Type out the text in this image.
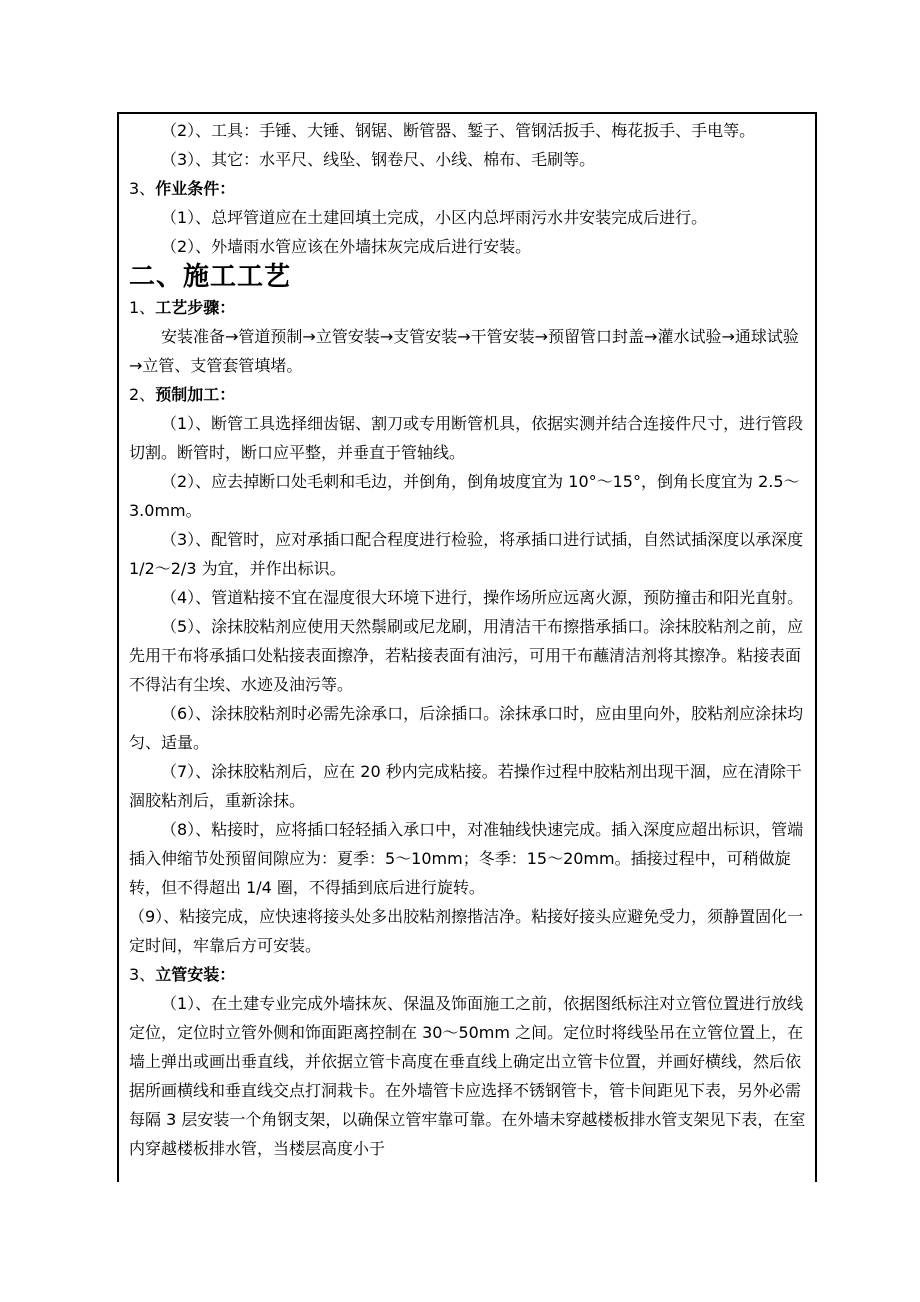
（2）、工具：手锤、大锤、钢锯、断管器、錾子、管钢活扳手、梅花扳手、手电等。

（3）、其它：水平尺、线坠、钢卷尺、小线、棉布、毛刷等。

3、作业条件：

（1）、总坪管道应在土建回填土完成，小区内总坪雨污水井安装完成后进行。

（2）、外墙雨水管应该在外墙抹灰完成后进行安装。

二、施工工艺

1、工艺步骤：

安装准备→管道预制→立管安装→支管安装→干管安装→预留管口封盖→灌水试验→通球试验→立管、支管套管填堵。

2、预制加工：

（1）、断管工具选择细齿锯、割刀或专用断管机具，依据实测并结合连接件尺寸，进行管段切割。断管时，断口应平整，并垂直于管轴线。

（2）、应去掉断口处毛刺和毛边，并倒角，倒角坡度宜为 10°～15°，倒角长度宜为 2.5～3.0mm。

（3）、配管时，应对承插口配合程度进行检验，将承插口进行试插，自然试插深度以承深度 1/2～2/3 为宜，并作出标识。

（4）、管道粘接不宜在湿度很大环境下进行，操作场所应远离火源，预防撞击和阳光直射。

（5）、涂抹胶粘剂应使用天然鬃刷或尼龙刷，用清洁干布擦揩承插口。涂抹胶粘剂之前，应先用干布将承插口处粘接表面擦净，若粘接表面有油污，可用干布蘸清洁剂将其擦净。粘接表面不得沾有尘埃、水迹及油污等。

（6）、涂抹胶粘剂时必需先涂承口，后涂插口。涂抹承口时，应由里向外，胶粘剂应涂抹均匀、适量。

（7）、涂抹胶粘剂后，应在 20 秒内完成粘接。若操作过程中胶粘剂出现干涸，应在清除干涸胶粘剂后，重新涂抹。

（8）、粘接时，应将插口轻轻插入承口中，对准轴线快速完成。插入深度应超出标识，管端插入伸缩节处预留间隙应为：夏季：5～10mm；冬季：15～20mm。插接过程中，可稍做旋转，但不得超出 1/4 圈，不得插到底后进行旋转。

（9）、粘接完成，应快速将接头处多出胶粘剂擦揩洁净。粘接好接头应避免受力，须静置固化一定时间，牢靠后方可安装。

3、立管安装：

（1）、在土建专业完成外墙抹灰、保温及饰面施工之前，依据图纸标注对立管位置进行放线定位，定位时立管外侧和饰面距离控制在 30～50mm 之间。定位时将线坠吊在立管位置上，在墙上弹出或画出垂直线，并依据立管卡高度在垂直线上确定出立管卡位置，并画好横线，然后依据所画横线和垂直线交点打洞栽卡。在外墙管卡应选择不锈钢管卡，管卡间距见下表，另外必需每隔 3 层安装一个角钢支架，以确保立管牢靠可靠。在外墙未穿越楼板排水管支架见下表，在室内穿越楼板排水管，当楼层高度小于
